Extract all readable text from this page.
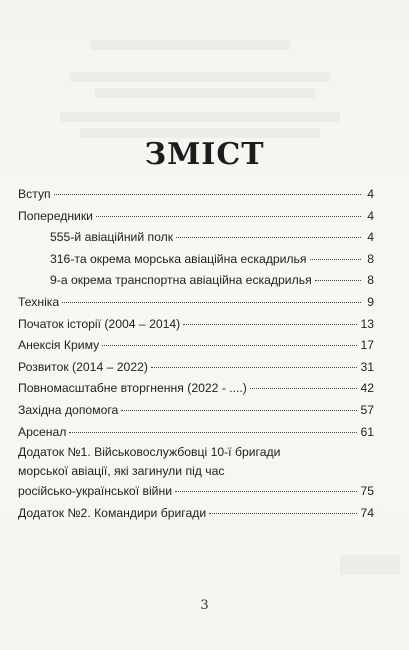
ЗМІСТ
Вступ	4
Попередники	4
555-й авіаційний полк	4
316-та окрема морська авіаційна ескадрилья	8
9-а окрема транспортна авіаційна ескадрилья	8
Техніка	9
Початок історії (2004 – 2014)	13
Анексія Криму	17
Розвиток (2014 – 2022)	31
Повномасштабне вторгнення (2022 - ....)	42
Західна допомога	57
Арсенал	61
Додаток №1. Військовослужбовці 10-ї бригади
морської авіації, які загинули під час
російсько-української війни	75
Додаток №2. Командири бригади	74
3
